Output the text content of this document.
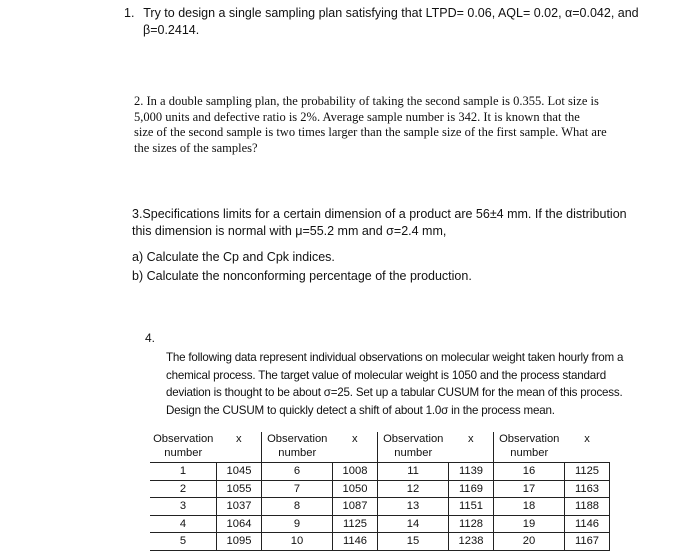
1. Try to design a single sampling plan satisfying that LTPD= 0.06, AQL= 0.02, α=0.042, and
β=0.2414.
2. In a double sampling plan, the probability of taking the second sample is 0.355. Lot size is
5,000 units and defective ratio is 2%. Average sample number is 342. It is known that the
size of the second sample is two times larger than the sample size of the first sample. What are
the sizes of the samples?
3.Specifications limits for a certain dimension of a product are 56±4 mm. If the distribution
this dimension is normal with μ=55.2 mm and σ=2.4 mm,
a) Calculate the Cp and Cpk indices.
b) Calculate the nonconforming percentage of the production.
4.
The following data represent individual observations on molecular weight taken hourly from a
chemical process. The target value of molecular weight is 1050 and the process standard
deviation is thought to be about σ=25. Set up a tabular CUSUM for the mean of this process.
Design the CUSUM to quickly detect a shift of about 1.0σ in the process mean.
Observation
number	x	Observation
number	x	Observation
number	x	Observation
number	x
1	1045	6	1008	11	1139	16	1125
2	1055	7	1050	12	1169	17	1163
3	1037	8	1087	13	1151	18	1188
4	1064	9	1125	14	1128	19	1146
5	1095	10	1146	15	1238	20	1167
